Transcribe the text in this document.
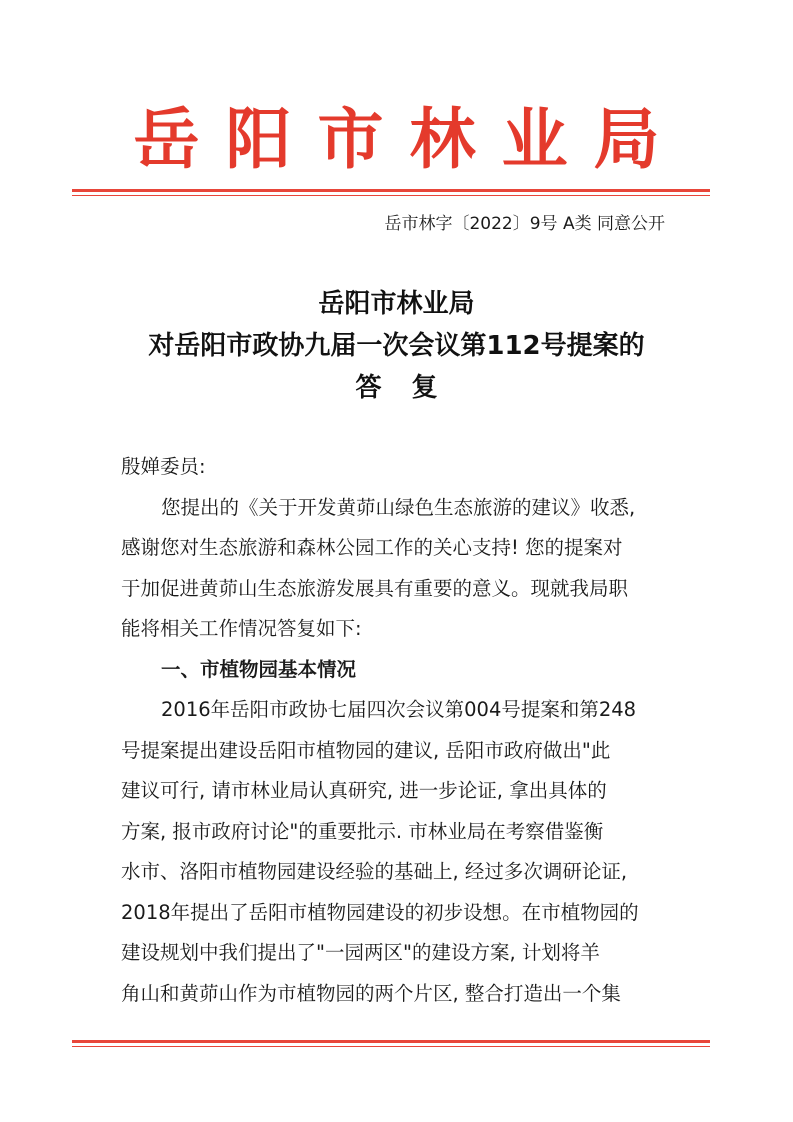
岳阳市林业局
岳市林字〔2022〕9号 A类 同意公开
岳阳市林业局
对岳阳市政协九届一次会议第112号提案的
答复

殷婵委员:

您提出的《关于开发黄茆山绿色生态旅游的建议》收悉,

感谢您对生态旅游和森林公园工作的关心支持! 您的提案对

于加促进黄茆山生态旅游发展具有重要的意义。现就我局职

能将相关工作情况答复如下:

一、市植物园基本情况

2016年岳阳市政协七届四次会议第004号提案和第248

号提案提出建设岳阳市植物园的建议, 岳阳市政府做出"此

建议可行, 请市林业局认真研究, 进一步论证, 拿出具体的

方案, 报市政府讨论"的重要批示. 市林业局在考察借鉴衡

水市、洛阳市植物园建设经验的基础上, 经过多次调研论证,

2018年提出了岳阳市植物园建设的初步设想。在市植物园的

建设规划中我们提出了"一园两区"的建设方案, 计划将羊

角山和黄茆山作为市植物园的两个片区, 整合打造出一个集
